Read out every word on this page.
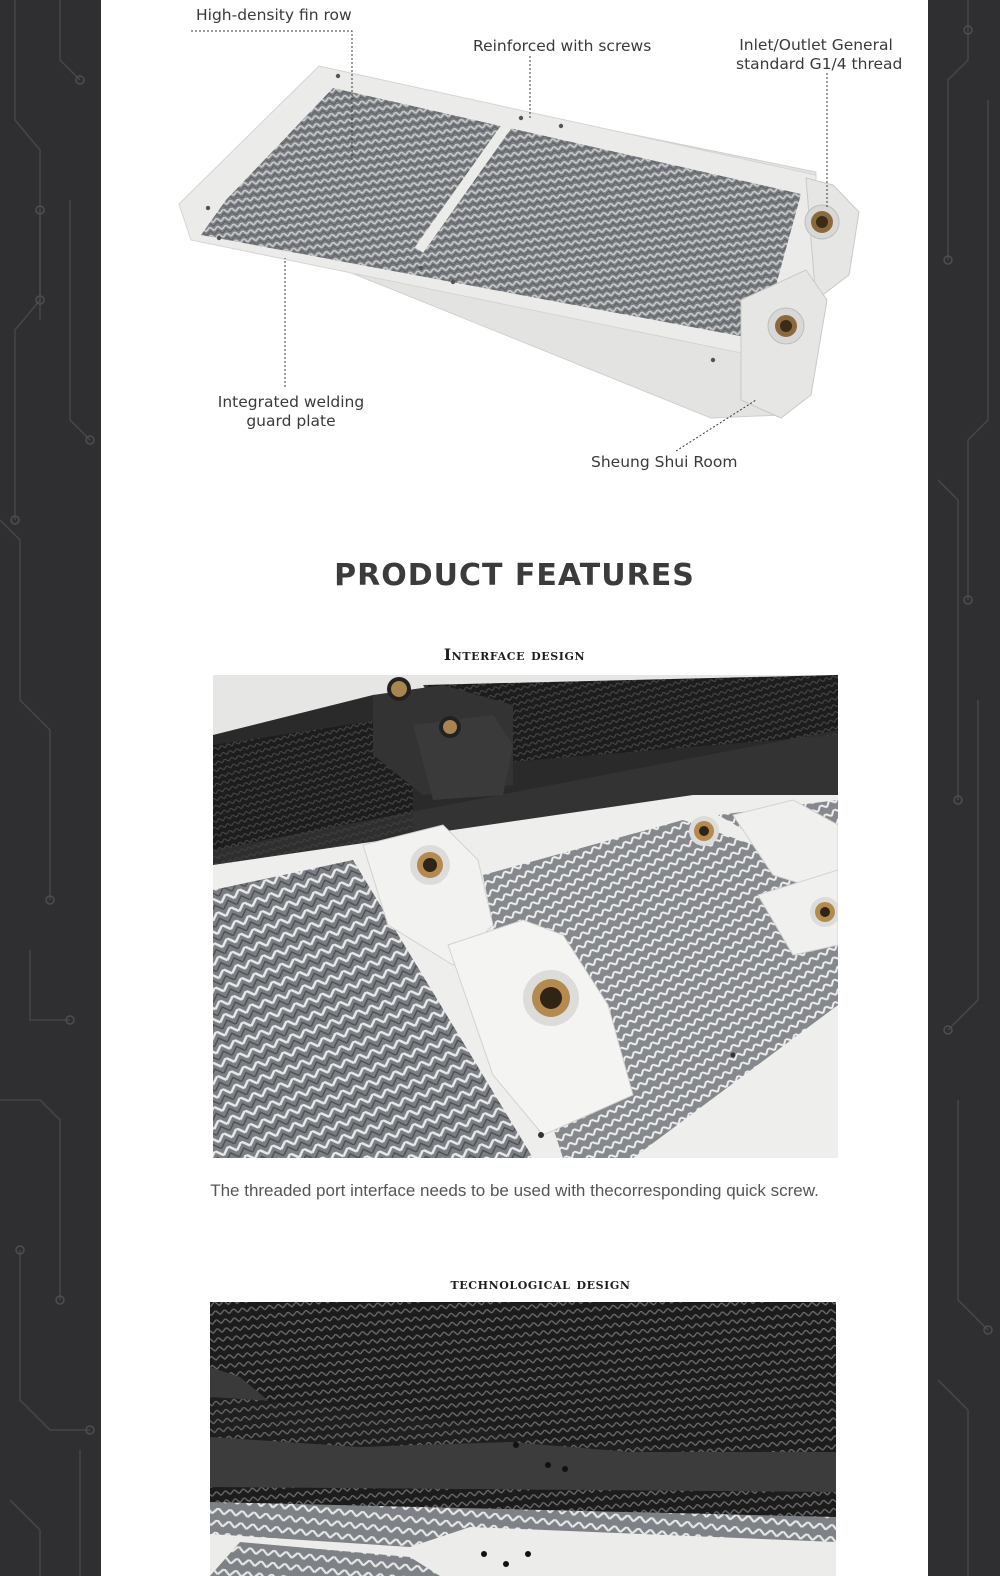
High-density fin row
Reinforced with screws	Inlet/Outlet General
standard G1/4 thread
Integrated welding
guard plate
Sheung Shui Room
PRODUCT FEATURES
Interface design
The threaded port interface needs to be used with thecorresponding quick screw.
technological design
